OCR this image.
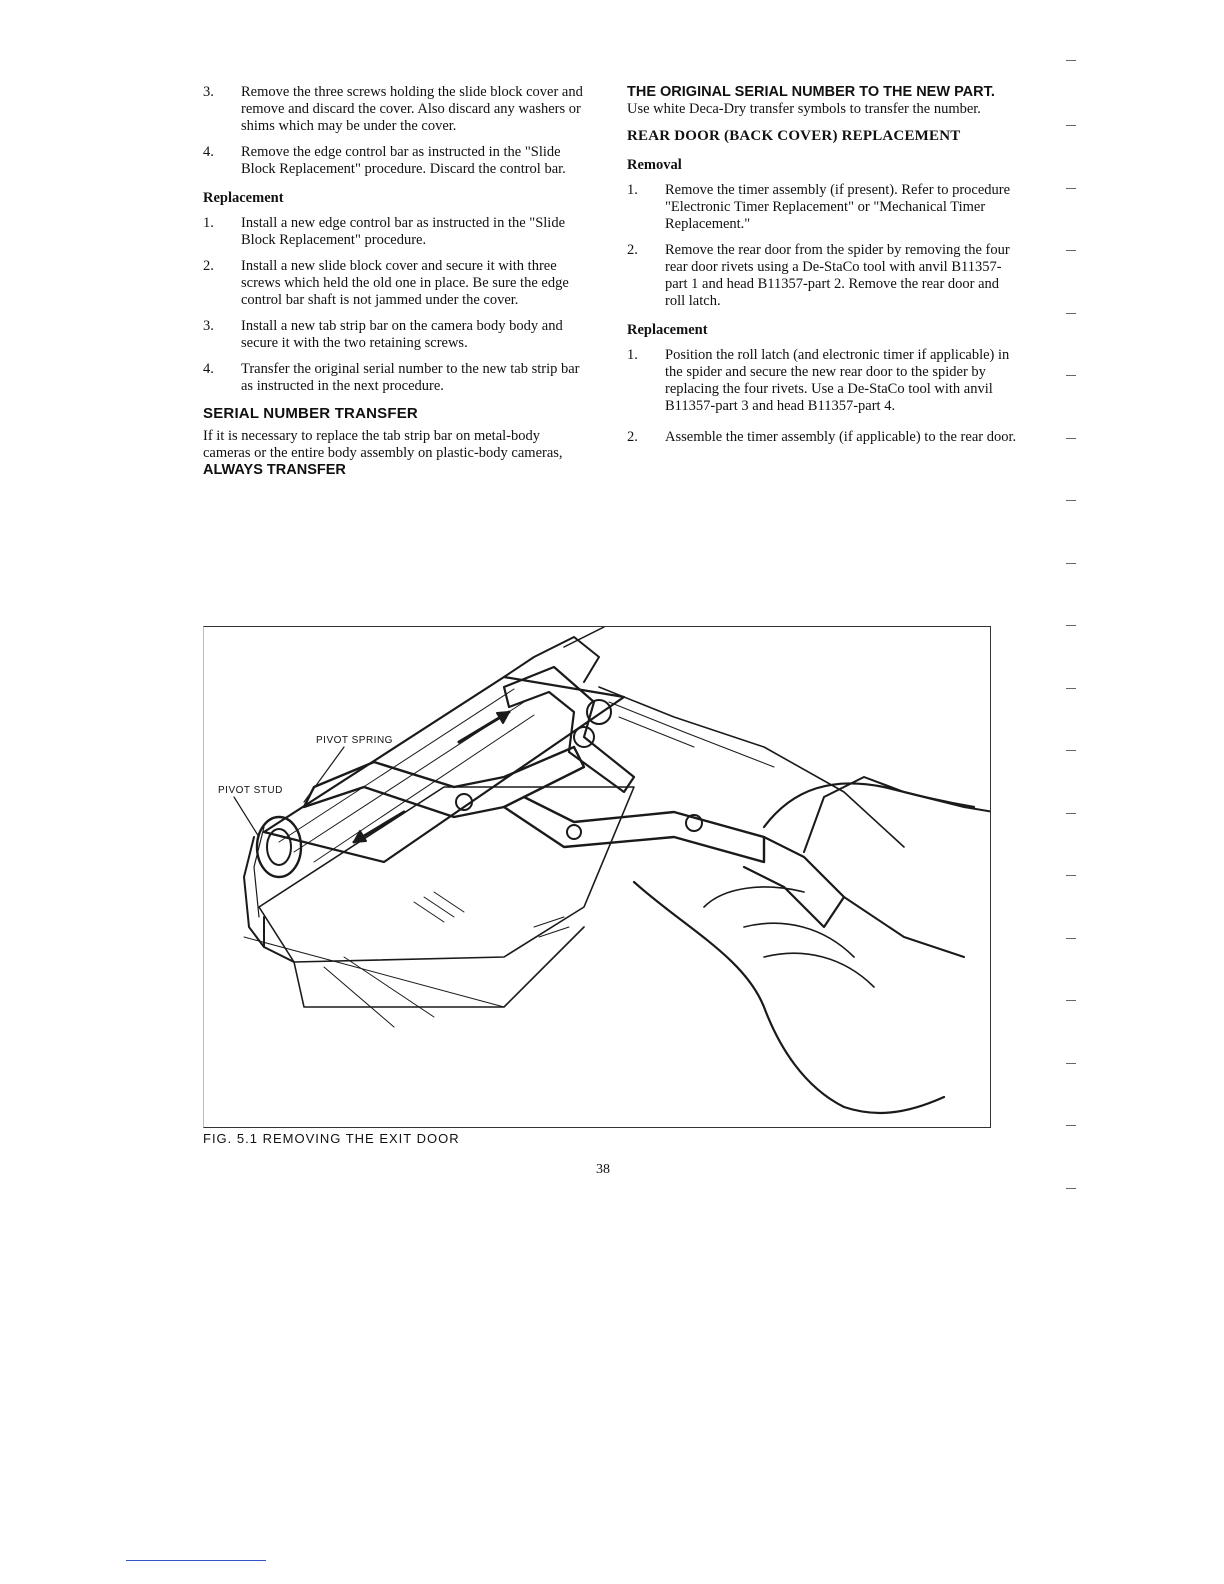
3.	Remove the three screws holding the slide block cover and remove and discard the cover. Also discard any washers or shims which may be under the cover.
4.	Remove the edge control bar as instructed in the "Slide Block Replacement" procedure. Discard the control bar.
Replacement
1.	Install a new edge control bar as instructed in the "Slide Block Replacement" procedure.
2.	Install a new slide block cover and secure it with three screws which held the old one in place. Be sure the edge control bar shaft is not jammed under the cover.
3.	Install a new tab strip bar on the camera body body and secure it with the two retaining screws.
4.	Transfer the original serial number to the new tab strip bar as instructed in the next procedure.
SERIAL NUMBER TRANSFER

If it is necessary to replace the tab strip bar on metal-body cameras or the entire body assembly on plastic-body cameras, ALWAYS TRANSFER

THE ORIGINAL SERIAL NUMBER TO THE NEW PART. Use white Deca-Dry transfer symbols to transfer the number.

REAR DOOR (BACK COVER) REPLACEMENT
Removal
1.	Remove the timer assembly (if present). Refer to procedure "Electronic Timer Replacement" or "Mechanical Timer Replacement."
2.	Remove the rear door from the spider by removing the four rear door rivets using a De-StaCo tool with anvil B11357-part 1 and head B11357-part 2. Remove the rear door and roll latch.
Replacement
1.	Position the roll latch (and electronic timer if applicable) in the spider and secure the new rear door to the spider by replacing the four rivets. Use a De-StaCo tool with anvil B11357-part 3 and head B11357-part 4.
2.	Assemble the timer assembly (if applicable) to the rear door.
PIVOT SPRING
PIVOT STUD
FIG. 5.1 REMOVING THE EXIT DOOR
38
